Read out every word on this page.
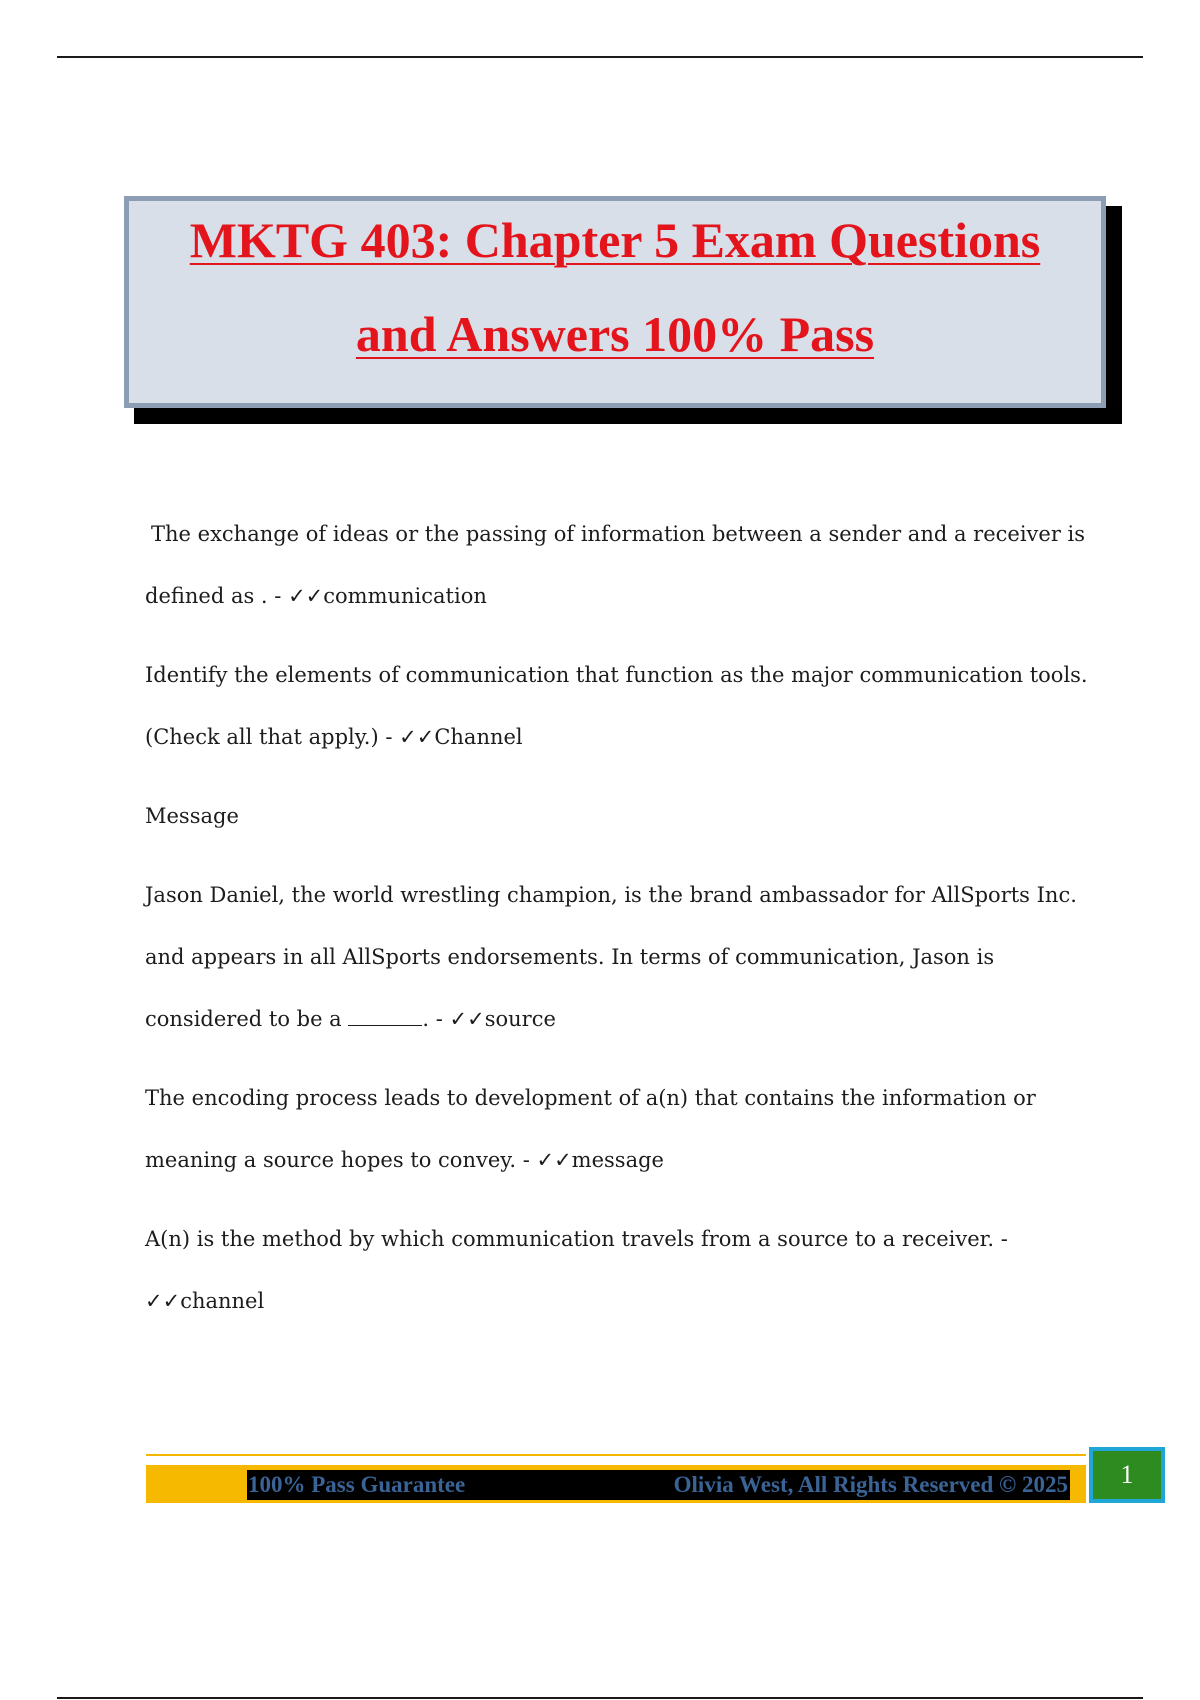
MKTG 403: Chapter 5 Exam Questions
and Answers 100% Pass

The exchange of ideas or the passing of information between a sender and a receiver is defined as . - ✓✓communication

Identify the elements of communication that function as the major communication tools. (Check all that apply.) - ✓✓Channel

Message

Jason Daniel, the world wrestling champion, is the brand ambassador for AllSports Inc. and appears in all AllSports endorsements. In terms of communication, Jason is considered to be a	. - ✓✓source

The encoding process leads to development of a(n) that contains the information or meaning a source hopes to convey. - ✓✓message

A(n) is the method by which communication travels from a source to a receiver. - ✓✓channel

100% Pass Guarantee	Olivia West, All Rights Reserved © 2025	1
